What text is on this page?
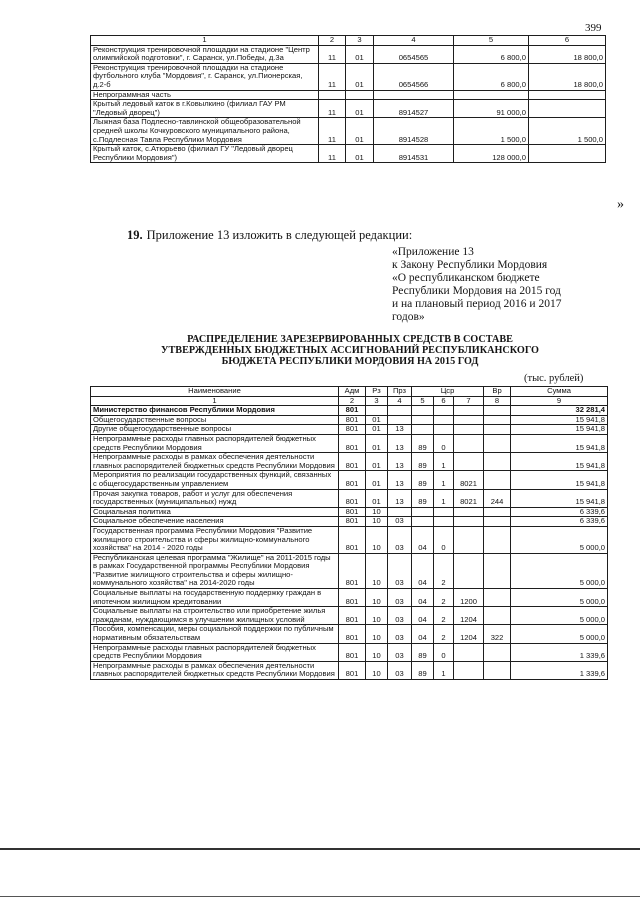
399
1	2	3	4	5	6
Реконструкция тренировочной площадки на стадионе "Центр олимпийской подготовки", г. Саранск, ул.Победы, д.3а	11	01	0654565	6 800,0	18 800,0
Реконструкция тренировочной площадки на стадионе футбольного клуба "Мордовия", г. Саранск, ул.Пионерская, д.2-б	11	01	0654566	6 800,0	18 800,0
Непрограммная часть					
Крытый ледовый каток в г.Ковылкино (филиал ГАУ РМ "Ледовый дворец")	11	01	8914527	91 000,0	
Лыжная база Подлесно-тавлинской общеобразовательной средней школы Кочкуровского муниципального района, с.Подлесная Тавла Республики Мордовия	11	01	8914528	1 500,0	1 500,0
Крытый каток, с.Атюрьево (филиал ГУ "Ледовый дворец Республики Мордовия")	11	01	8914531	128 000,0	
»
19. Приложение 13 изложить в следующей редакции:
«Приложение 13
к Закону Республики Мордовия
«О республиканском бюджете
Республики Мордовия на 2015 год
и на плановый период 2016 и 2017
годов»
РАСПРЕДЕЛЕНИЕ ЗАРЕЗЕРВИРОВАННЫХ СРЕДСТВ В СОСТАВЕ
УТВЕРЖДЕННЫХ БЮДЖЕТНЫХ АССИГНОВАНИЙ РЕСПУБЛИКАНСКОГО
БЮДЖЕТА РЕСПУБЛИКИ МОРДОВИЯ НА 2015 ГОД
(тыс. рублей)
Наименование	Адм	Рз	Прз	Цср			Вр	Сумма
1	2	3	4	5	6	7	8	9
Министерство финансов Республики Мордовия	801							32 281,4
Общегосударственные вопросы	801	01						15 941,8
Другие общегосударственные вопросы	801	01	13					15 941,8
Непрограммные расходы главных распорядителей бюджетных средств Республики Мордовия	801	01	13	89	0			15 941,8
Непрограммные расходы в рамках обеспечения деятельности главных распорядителей бюджетных средств Республики Мордовия	801	01	13	89	1			15 941,8
Мероприятия по реализации государственных функций, связанных с общегосударственным управлением	801	01	13	89	1	8021		15 941,8
Прочая закупка товаров, работ и услуг для обеспечения государственных (муниципальных) нужд	801	01	13	89	1	8021	244	15 941,8
Социальная политика	801	10						6 339,6
Социальное обеспечение населения	801	10	03					6 339,6
Государственная программа Республики Мордовия "Развитие жилищного строительства и сферы жилищно-коммунального хозяйства" на 2014 - 2020 годы	801	10	03	04	0			5 000,0
Республиканская целевая программа "Жилище" на 2011-2015 годы в рамках Государственной программы Республики Мордовия "Развитие жилищного строительства и сферы жилищно-коммунального хозяйства" на 2014-2020 годы	801	10	03	04	2			5 000,0
Социальные выплаты на государственную поддержку граждан в ипотечном жилищном кредитовании	801	10	03	04	2	1200		5 000,0
Социальные выплаты на строительство или приобретение жилья гражданам, нуждающимся в улучшении жилищных условий	801	10	03	04	2	1204		5 000,0
Пособия, компенсации, меры социальной поддержки по публичным нормативным обязательствам	801	10	03	04	2	1204	322	5 000,0
Непрограммные расходы главных распорядителей бюджетных средств Республики Мордовия	801	10	03	89	0			1 339,6
Непрограммные расходы в рамках обеспечения деятельности главных распорядителей бюджетных средств Республики Мордовия	801	10	03	89	1			1 339,6
